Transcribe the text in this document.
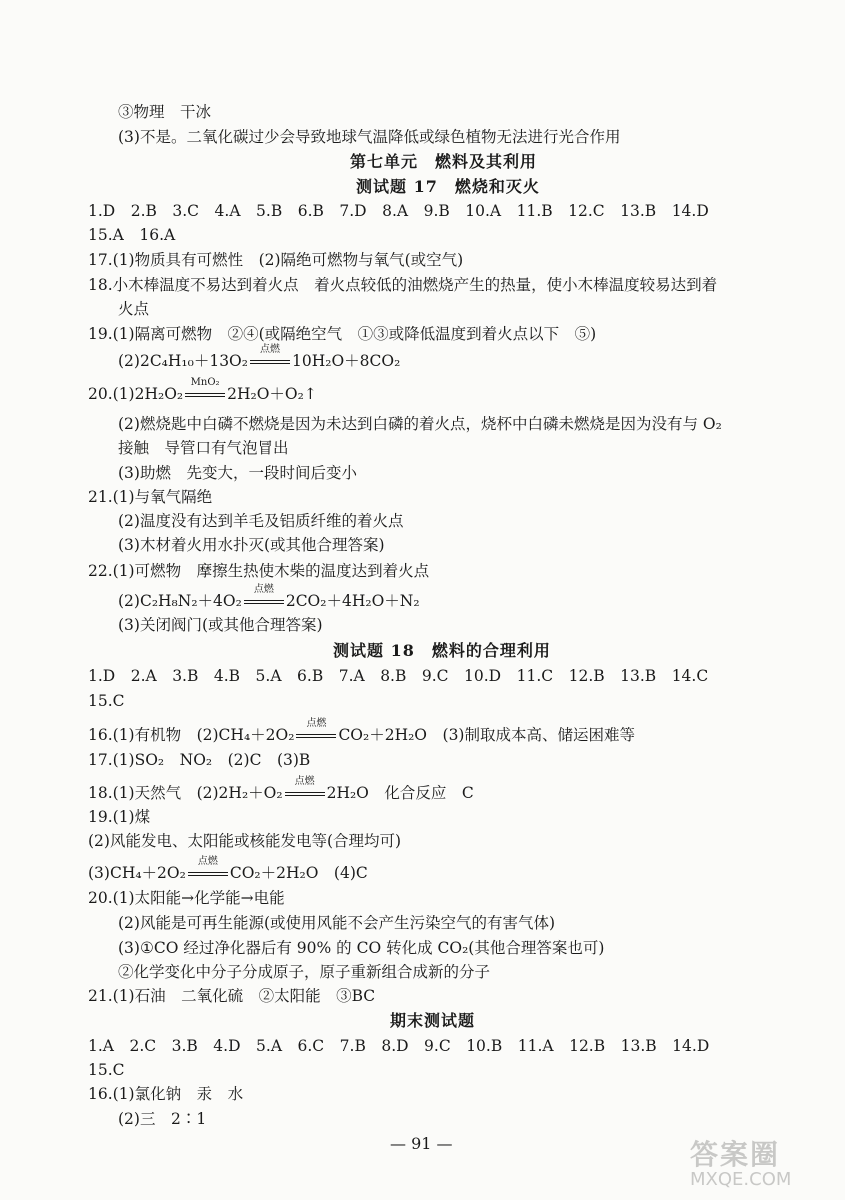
③物理　干冰
(3)不是。二氧化碳过少会导致地球气温降低或绿色植物无法进行光合作用
第七单元　燃料及其利用
测试题 17　燃烧和灭火
1.D　2.B　3.C　4.A　5.B　6.B　7.D　8.A　9.B　10.A　11.B　12.C　13.B　14.D
15.A　16.A
17.(1)物质具有可燃性　(2)隔绝可燃物与氧气(或空气)
18.小木棒温度不易达到着火点　着火点较低的油燃烧产生的热量，使小木棒温度较易达到着
火点
19.(1)隔离可燃物　②④(或隔绝空气　①③或降低温度到着火点以下　⑤)
(2)2C₄H₁₀＋13O₂
点燃
10H₂O＋8CO₂
20.(1)2H₂O₂
MnO₂
2H₂O＋O₂↑
(2)燃烧匙中白磷不燃烧是因为未达到白磷的着火点，烧杯中白磷未燃烧是因为没有与 O₂
接触　导管口有气泡冒出
(3)助燃　先变大，一段时间后变小
21.(1)与氧气隔绝
(2)温度没有达到羊毛及铝质纤维的着火点
(3)木材着火用水扑灭(或其他合理答案)
22.(1)可燃物　摩擦生热使木柴的温度达到着火点
(2)C₂H₈N₂＋4O₂
点燃
2CO₂＋4H₂O＋N₂
(3)关闭阀门(或其他合理答案)
测试题 18　燃料的合理利用
1.D　2.A　3.B　4.B　5.A　6.B　7.A　8.B　9.C　10.D　11.C　12.B　13.B　14.C
15.C
16.(1)有机物　(2)CH₄＋2O₂
点燃
CO₂＋2H₂O　(3)制取成本高、储运困难等
17.(1)SO₂　NO₂　(2)C　(3)B
18.(1)天然气　(2)2H₂＋O₂
点燃
2H₂O　化合反应　C
19.(1)煤
(2)风能发电、太阳能或核能发电等(合理均可)
(3)CH₄＋2O₂
点燃
CO₂＋2H₂O　(4)C
20.(1)太阳能→化学能→电能
(2)风能是可再生能源(或使用风能不会产生污染空气的有害气体)
(3)①CO 经过净化器后有 90% 的 CO 转化成 CO₂(其他合理答案也可)
②化学变化中分子分成原子，原子重新组合成新的分子
21.(1)石油　二氧化硫　②太阳能　③BC
期末测试题
1.A　2.C　3.B　4.D　5.A　6.C　7.B　8.D　9.C　10.B　11.A　12.B　13.B　14.D
15.C
16.(1)氯化钠　汞　水
(2)三　2∶1
— 91 —	答案圈
MXQE.COM
